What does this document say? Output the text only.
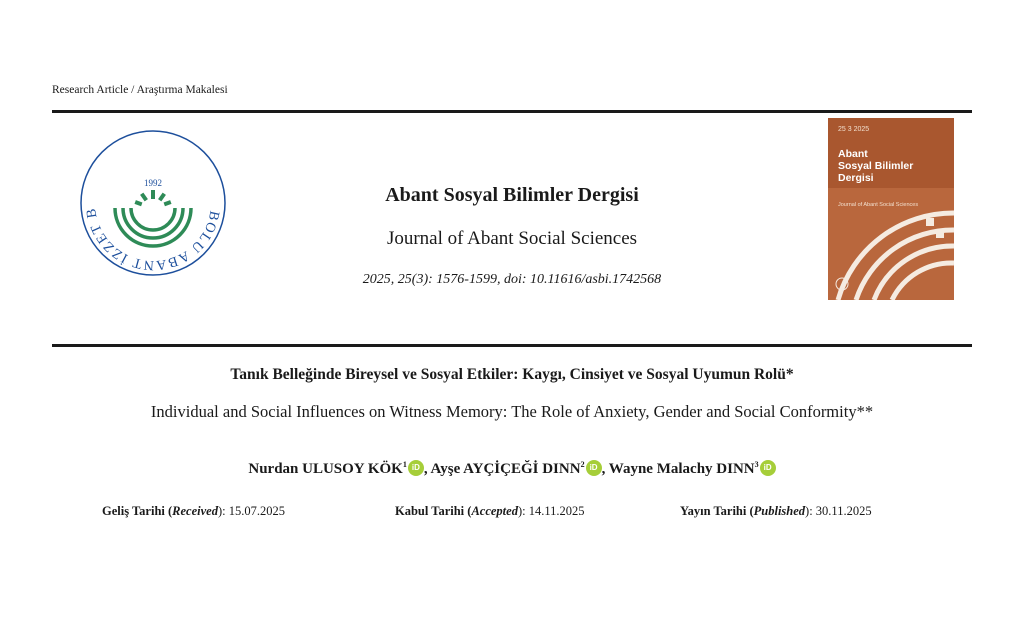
Research Article / Araştırma Makalesi
BOLU ABANT İZZET B
1992
Abant Sosyal Bilimler Dergisi
Journal of Abant Social Sciences
2025, 25(3): 1576-1599, doi: 10.11616/asbi.1742568
25 3 2025
Abant
Sosyal Bilimler
Dergisi
Journal of Abant Social Sciences
Tanık Belleğinde Bireysel ve Sosyal Etkiler: Kaygı, Cinsiyet ve Sosyal Uyumun Rolü*
Individual and Social Influences on Witness Memory: The Role of Anxiety, Gender and Social Conformity**
Nurdan ULUSOY KÖK$^1$ iD , Ayşe AYÇİÇEĞİ DINN$^2$ iD , Wayne Malachy DINN$^3$ iD
Geliş Tarihi (Received): 15.07.2025	Kabul Tarihi (Accepted): 14.11.2025	Yayın Tarihi (Published): 30.11.2025
